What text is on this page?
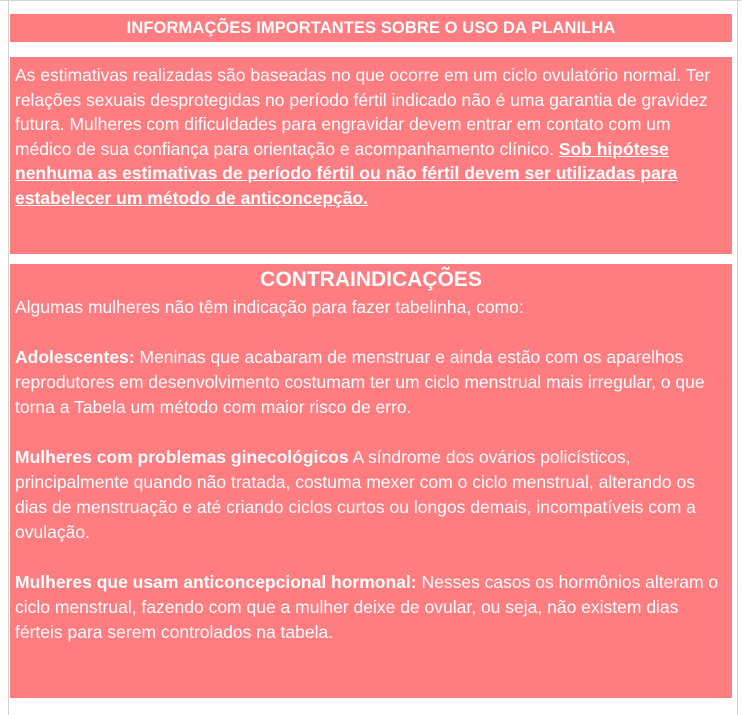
INFORMAÇÕES IMPORTANTES SOBRE O USO DA PLANILHA
As estimativas realizadas são baseadas no que ocorre em um ciclo ovulatório normal. Ter relações sexuais desprotegidas no período fértil indicado não é uma garantia de gravidez futura. Mulheres com dificuldades para engravidar devem entrar em contato com um médico de sua confiança para orientação e acompanhamento clínico. Sob hipótese nenhuma as estimativas de período fértil ou não fértil devem ser utilizadas para estabelecer um método de anticoncepção.
CONTRAINDICAÇÕES

Algumas mulheres não têm indicação para fazer tabelinha, como:

Adolescentes: Meninas que acabaram de menstruar e ainda estão com os aparelhos reprodutores em desenvolvimento costumam ter um ciclo menstrual mais irregular, o que torna a Tabela um método com maior risco de erro.

Mulheres com problemas ginecológicos A síndrome dos ovários policísticos, principalmente quando não tratada, costuma mexer com o ciclo menstrual, alterando os dias de menstruação e até criando ciclos curtos ou longos demais, incompatíveis com a ovulação.

Mulheres que usam anticoncepcional hormonal: Nesses casos os hormônios alteram o ciclo menstrual, fazendo com que a mulher deixe de ovular, ou seja, não existem dias férteis para serem controlados na tabela.
